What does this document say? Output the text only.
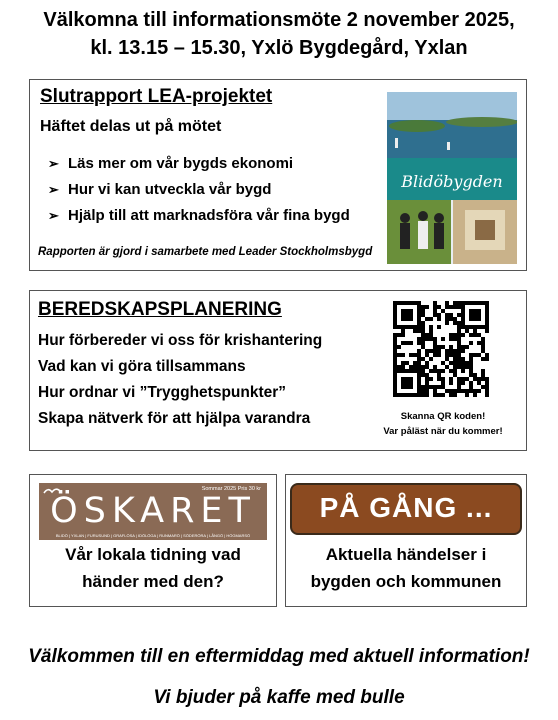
Välkomna till informationsmöte 2 november 2025,
kl. 13.15 – 15.30, Yxlö Bygdegård, Yxlan
Slutrapport LEA-projektet
Häftet delas ut på mötet
➢ Läs mer om vår bygds ekonomi
➢ Hur vi kan utveckla vår bygd
➢ Hjälp till att marknadsföra vår fina bygd
Rapporten är gjord i samarbete med Leader Stockholmsbygd
Blidöbygden
BEREDSKAPSPLANERING
Hur förbereder vi oss för krishantering
Vad kan vi göra tillsammans
Hur ordnar vi ”Trygghetspunkter”
Skapa nätverk för att hjälpa varandra	Skanna QR koden!
Var påläst när du kommer!
Sommar 2025 Pris 30 kr
ÖSKARET
BLIDÖ | YXLAN | FURUSUND | GRAFLÖSA | IDÖLÖGA | RUNMARÖ | SÖDERÖRA | LÅNGÖ | HÖGMARSÖ
Vår lokala tidning vad
händer med den?
PÅ GÅNG ...
Aktuella händelser i
bygden och kommunen
Välkommen till en eftermiddag med aktuell information!
Vi bjuder på kaffe med bulle
